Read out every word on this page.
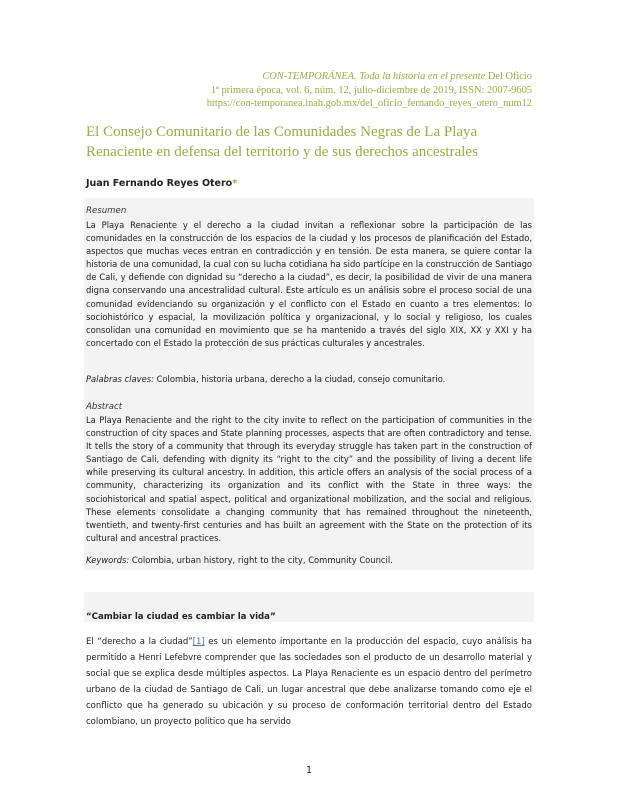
CON-TEMPORÁNEA. Toda la historia en el presente Del Oficio
1ª primera época, vol. 6, núm. 12, julio-diciembre de 2019, ISSN: 2007-9605
https://con-temporanea.inah.gob.mx/del_oficio_fernando_reyes_otero_num12
El Consejo Comunitario de las Comunidades Negras de La Playa Renaciente en defensa del territorio y de sus derechos ancestrales
Juan Fernando Reyes Otero*
Resumen
La Playa Renaciente y el derecho a la ciudad invitan a reflexionar sobre la participación de las comunidades en la construcción de los espacios de la ciudad y los procesos de planificación del Estado, aspectos que muchas veces entran en contradicción y en tensión. De esta manera, se quiere contar la historia de una comunidad, la cual con su lucha cotidiana ha sido partícipe en la construcción de Santiago de Cali, y defiende con dignidad su “derecho a la ciudad”, es decir, la posibilidad de vivir de una manera digna conservando una ancestralidad cultural. Este artículo es un análisis sobre el proceso social de una comunidad evidenciando su organización y el conflicto con el Estado en cuanto a tres elementos: lo sociohistórico y espacial, la movilización política y organizacional, y lo social y religioso, los cuales consolidan una comunidad en movimiento que se ha mantenido a través del siglo XIX, XX y XXI y ha concertado con el Estado la protección de sus prácticas culturales y ancestrales.
Palabras claves: Colombia, historia urbana, derecho a la ciudad, consejo comunitario.
Abstract
La Playa Renaciente and the right to the city invite to reflect on the participation of communities in the construction of city spaces and State planning processes, aspects that are often contradictory and tense. It tells the story of a community that through its everyday struggle has taken part in the construction of Santiago de Cali, defending with dignity its “right to the city” and the possibility of living a decent life while preserving its cultural ancestry. In addition, this article offers an analysis of the social process of a community, characterizing its organization and its conflict with the State in three ways: the sociohistorical and spatial aspect, political and organizational mobilization, and the social and religious. These elements consolidate a changing community that has remained throughout the nineteenth, twentieth, and twenty-first centuries and has built an agreement with the State on the protection of its cultural and ancestral practices.
Keywords: Colombia, urban history, right to the city, Community Council.
“Cambiar la ciudad es cambiar la vida”
El “derecho a la ciudad”[1] es un elemento importante en la producción del espacio, cuyo análisis ha permitido a Henri Lefebvre comprender que las sociedades son el producto de un desarrollo material y social que se explica desde múltiples aspectos. La Playa Renaciente es un espacio dentro del perímetro urbano de la ciudad de Santiago de Cali, un lugar ancestral que debe analizarse tomando como eje el conflicto que ha generado su ubicación y su proceso de conformación territorial dentro del Estado colombiano, un proyecto político que ha servido
1
